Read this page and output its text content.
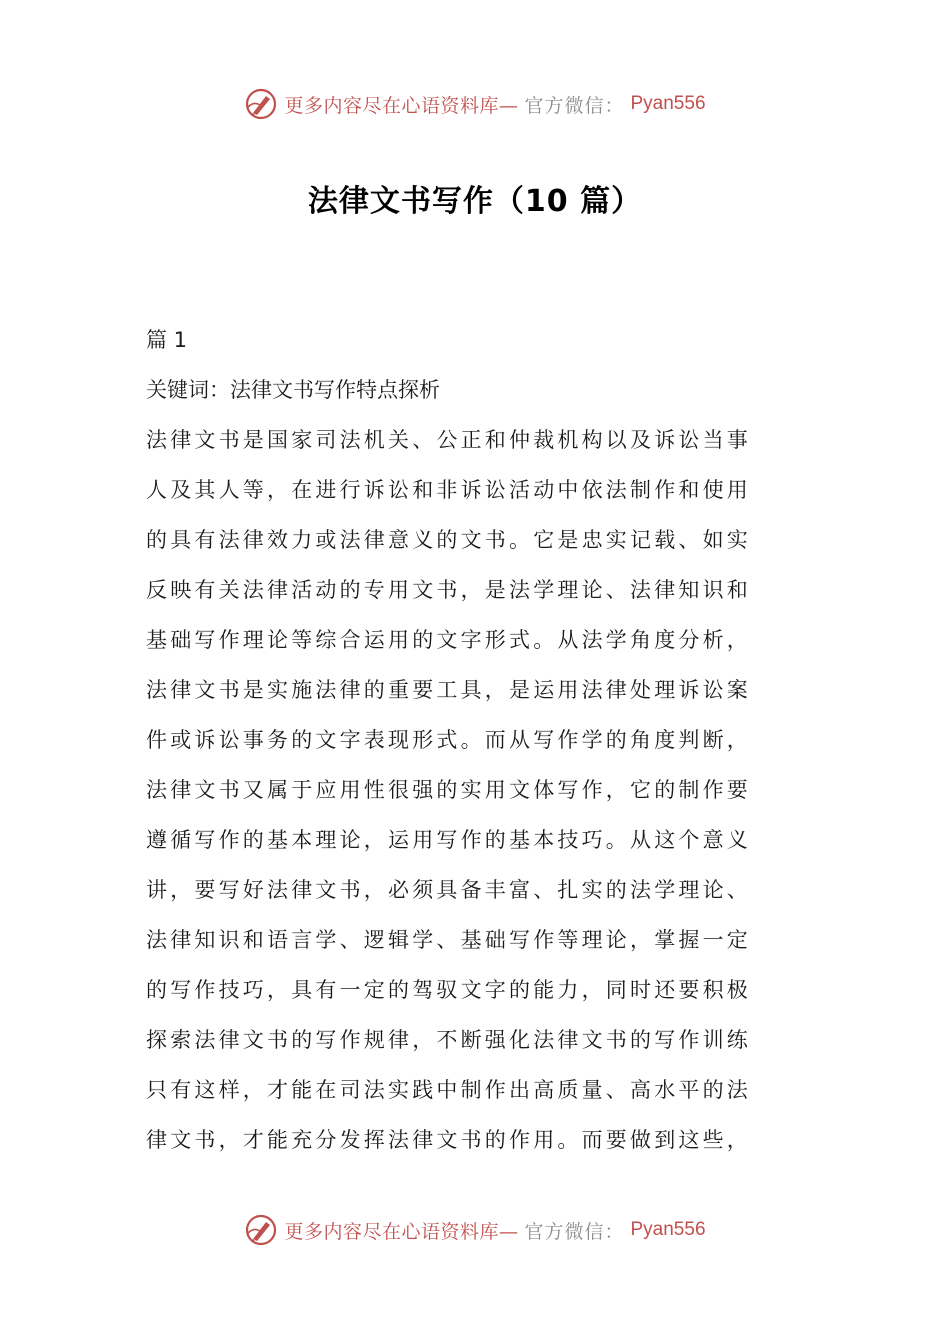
更多内容尽在心语资料库— 官方微信： Pyan556
法律文书写作（10 篇）

篇 1

关键词：法律文书写作特点探析

法律文书是国家司法机关、公正和仲裁机构以及诉讼当事

人及其人等，在进行诉讼和非诉讼活动中依法制作和使用

的具有法律效力或法律意义的文书。它是忠实记载、如实

反映有关法律活动的专用文书，是法学理论、法律知识和

基础写作理论等综合运用的文字形式。从法学角度分析，

法律文书是实施法律的重要工具，是运用法律处理诉讼案

件或诉讼事务的文字表现形式。而从写作学的角度判断，

法律文书又属于应用性很强的实用文体写作，它的制作要

遵循写作的基本理论，运用写作的基本技巧。从这个意义

讲，要写好法律文书，必须具备丰富、扎实的法学理论、

法律知识和语言学、逻辑学、基础写作等理论，掌握一定

的写作技巧，具有一定的驾驭文字的能力，同时还要积极

探索法律文书的写作规律，不断强化法律文书的写作训练

只有这样，才能在司法实践中制作出高质量、高水平的法

律文书，才能充分发挥法律文书的作用。而要做到这些，

更多内容尽在心语资料库— 官方微信： Pyan556
